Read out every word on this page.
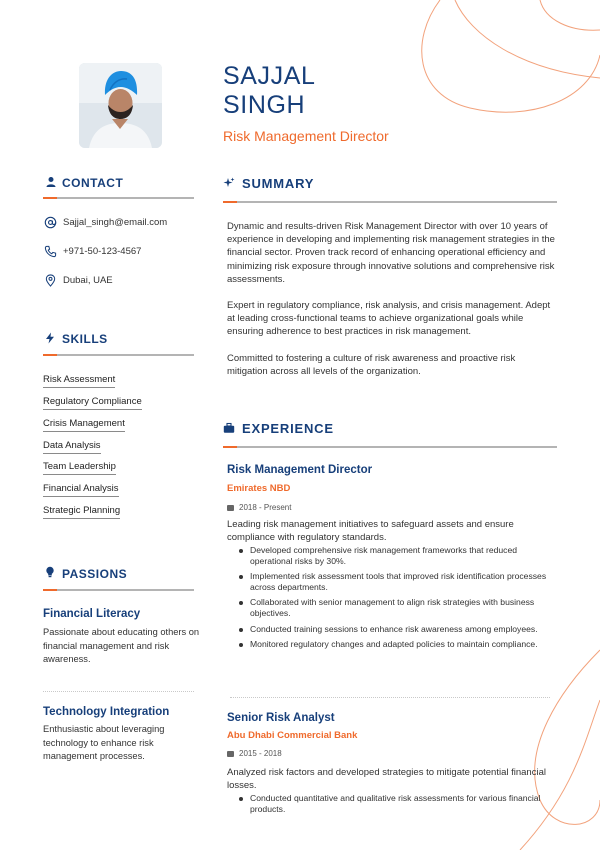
SAJJAL
SINGH
Risk Management Director
CONTACT
Sajjal_singh@email.com
+971-50-123-4567
Dubai, UAE
SKILLS
Risk Assessment
Regulatory Compliance
Crisis Management
Data Analysis
Team Leadership
Financial Analysis
Strategic Planning
PASSIONS
Financial Literacy
Passionate about educating others on financial management and risk awareness.
Technology Integration
Enthusiastic about leveraging technology to enhance risk management processes.
SUMMARY
Dynamic and results-driven Risk Management Director with over 10 years of experience in developing and implementing risk management strategies in the financial sector. Proven track record of enhancing operational efficiency and minimizing risk exposure through innovative solutions and comprehensive risk assessments.
Expert in regulatory compliance, risk analysis, and crisis management. Adept at leading cross-functional teams to achieve organizational goals while ensuring adherence to best practices in risk management.
Committed to fostering a culture of risk awareness and proactive risk mitigation across all levels of the organization.
EXPERIENCE
Risk Management Director
Emirates NBD
2018 - Present
Leading risk management initiatives to safeguard assets and ensure compliance with regulatory standards.
Developed comprehensive risk management frameworks that reduced operational risks by 30%.
Implemented risk assessment tools that improved risk identification processes across departments.
Collaborated with senior management to align risk strategies with business objectives.
Conducted training sessions to enhance risk awareness among employees.
Monitored regulatory changes and adapted policies to maintain compliance.
Senior Risk Analyst
Abu Dhabi Commercial Bank
2015 - 2018
Analyzed risk factors and developed strategies to mitigate potential financial losses.
Conducted quantitative and qualitative risk assessments for various financial products.
